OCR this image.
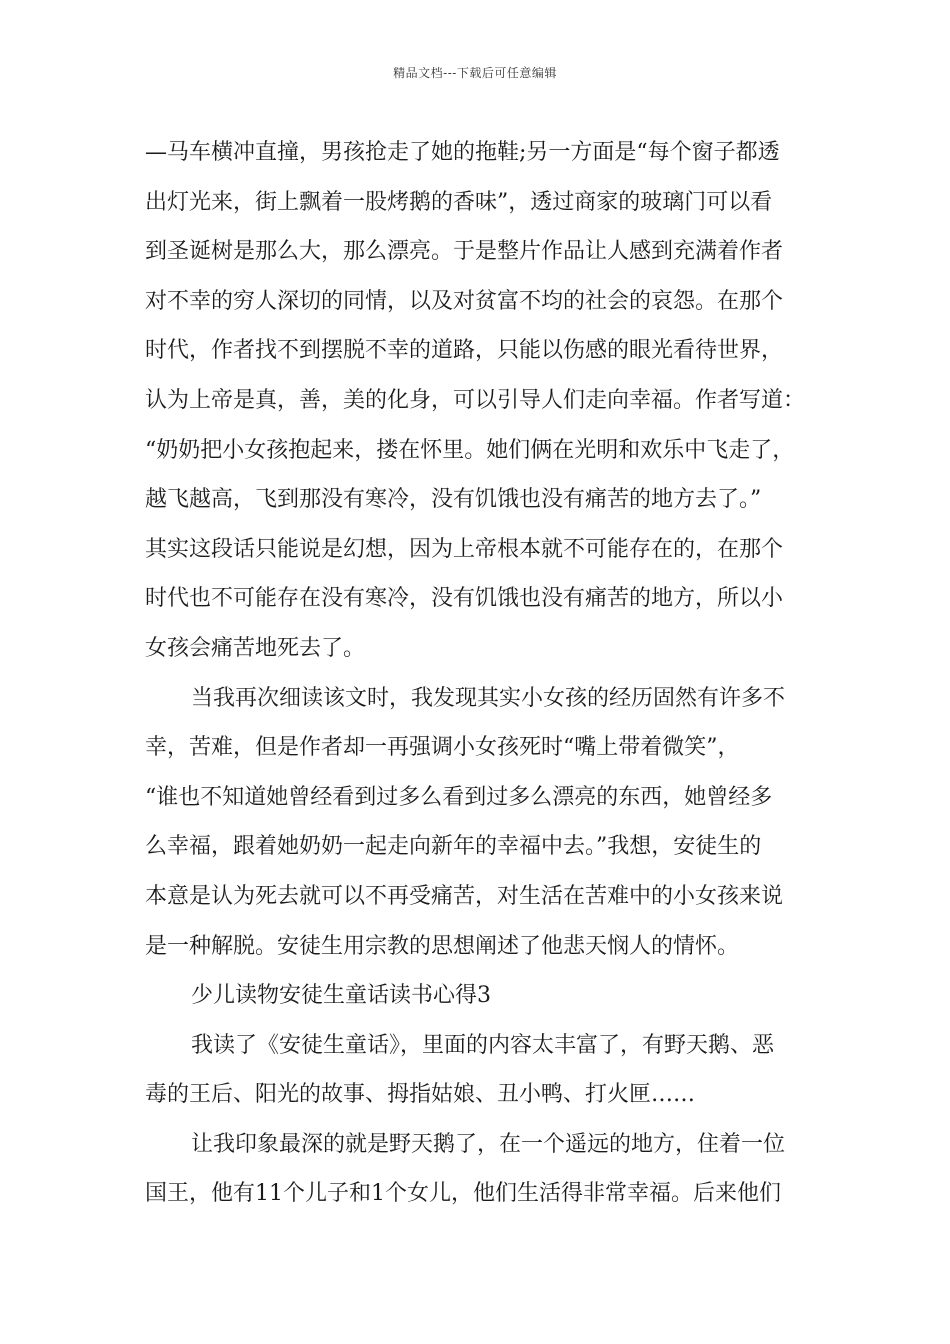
精品文档---下载后可任意编辑
—马车横冲直撞，男孩抢走了她的拖鞋;另一方面是“每个窗子都透
出灯光来，街上飘着一股烤鹅的香味”，透过商家的玻璃门可以看
到圣诞树是那么大，那么漂亮。于是整片作品让人感到充满着作者
对不幸的穷人深切的同情，以及对贫富不均的社会的哀怨。在那个
时代，作者找不到摆脱不幸的道路，只能以伤感的眼光看待世界，
认为上帝是真，善，美的化身，可以引导人们走向幸福。作者写道：
“奶奶把小女孩抱起来，搂在怀里。她们俩在光明和欢乐中飞走了，
越飞越高，飞到那没有寒冷，没有饥饿也没有痛苦的地方去了。”
其实这段话只能说是幻想，因为上帝根本就不可能存在的，在那个
时代也不可能存在没有寒冷，没有饥饿也没有痛苦的地方，所以小
女孩会痛苦地死去了。
当我再次细读该文时，我发现其实小女孩的经历固然有许多不
幸，苦难，但是作者却一再强调小女孩死时“嘴上带着微笑”，
“谁也不知道她曾经看到过多么看到过多么漂亮的东西，她曾经多
么幸福，跟着她奶奶一起走向新年的幸福中去。”我想，安徒生的
本意是认为死去就可以不再受痛苦，对生活在苦难中的小女孩来说
是一种解脱。安徒生用宗教的思想阐述了他悲天悯人的情怀。
少儿读物安徒生童话读书心得3
我读了《安徒生童话》，里面的内容太丰富了，有野天鹅、恶
毒的王后、阳光的故事、拇指姑娘、丑小鸭、打火匣……
让我印象最深的就是野天鹅了，在一个遥远的地方，住着一位
国王，他有11个儿子和1个女儿，他们生活得非常幸福。后来他们
